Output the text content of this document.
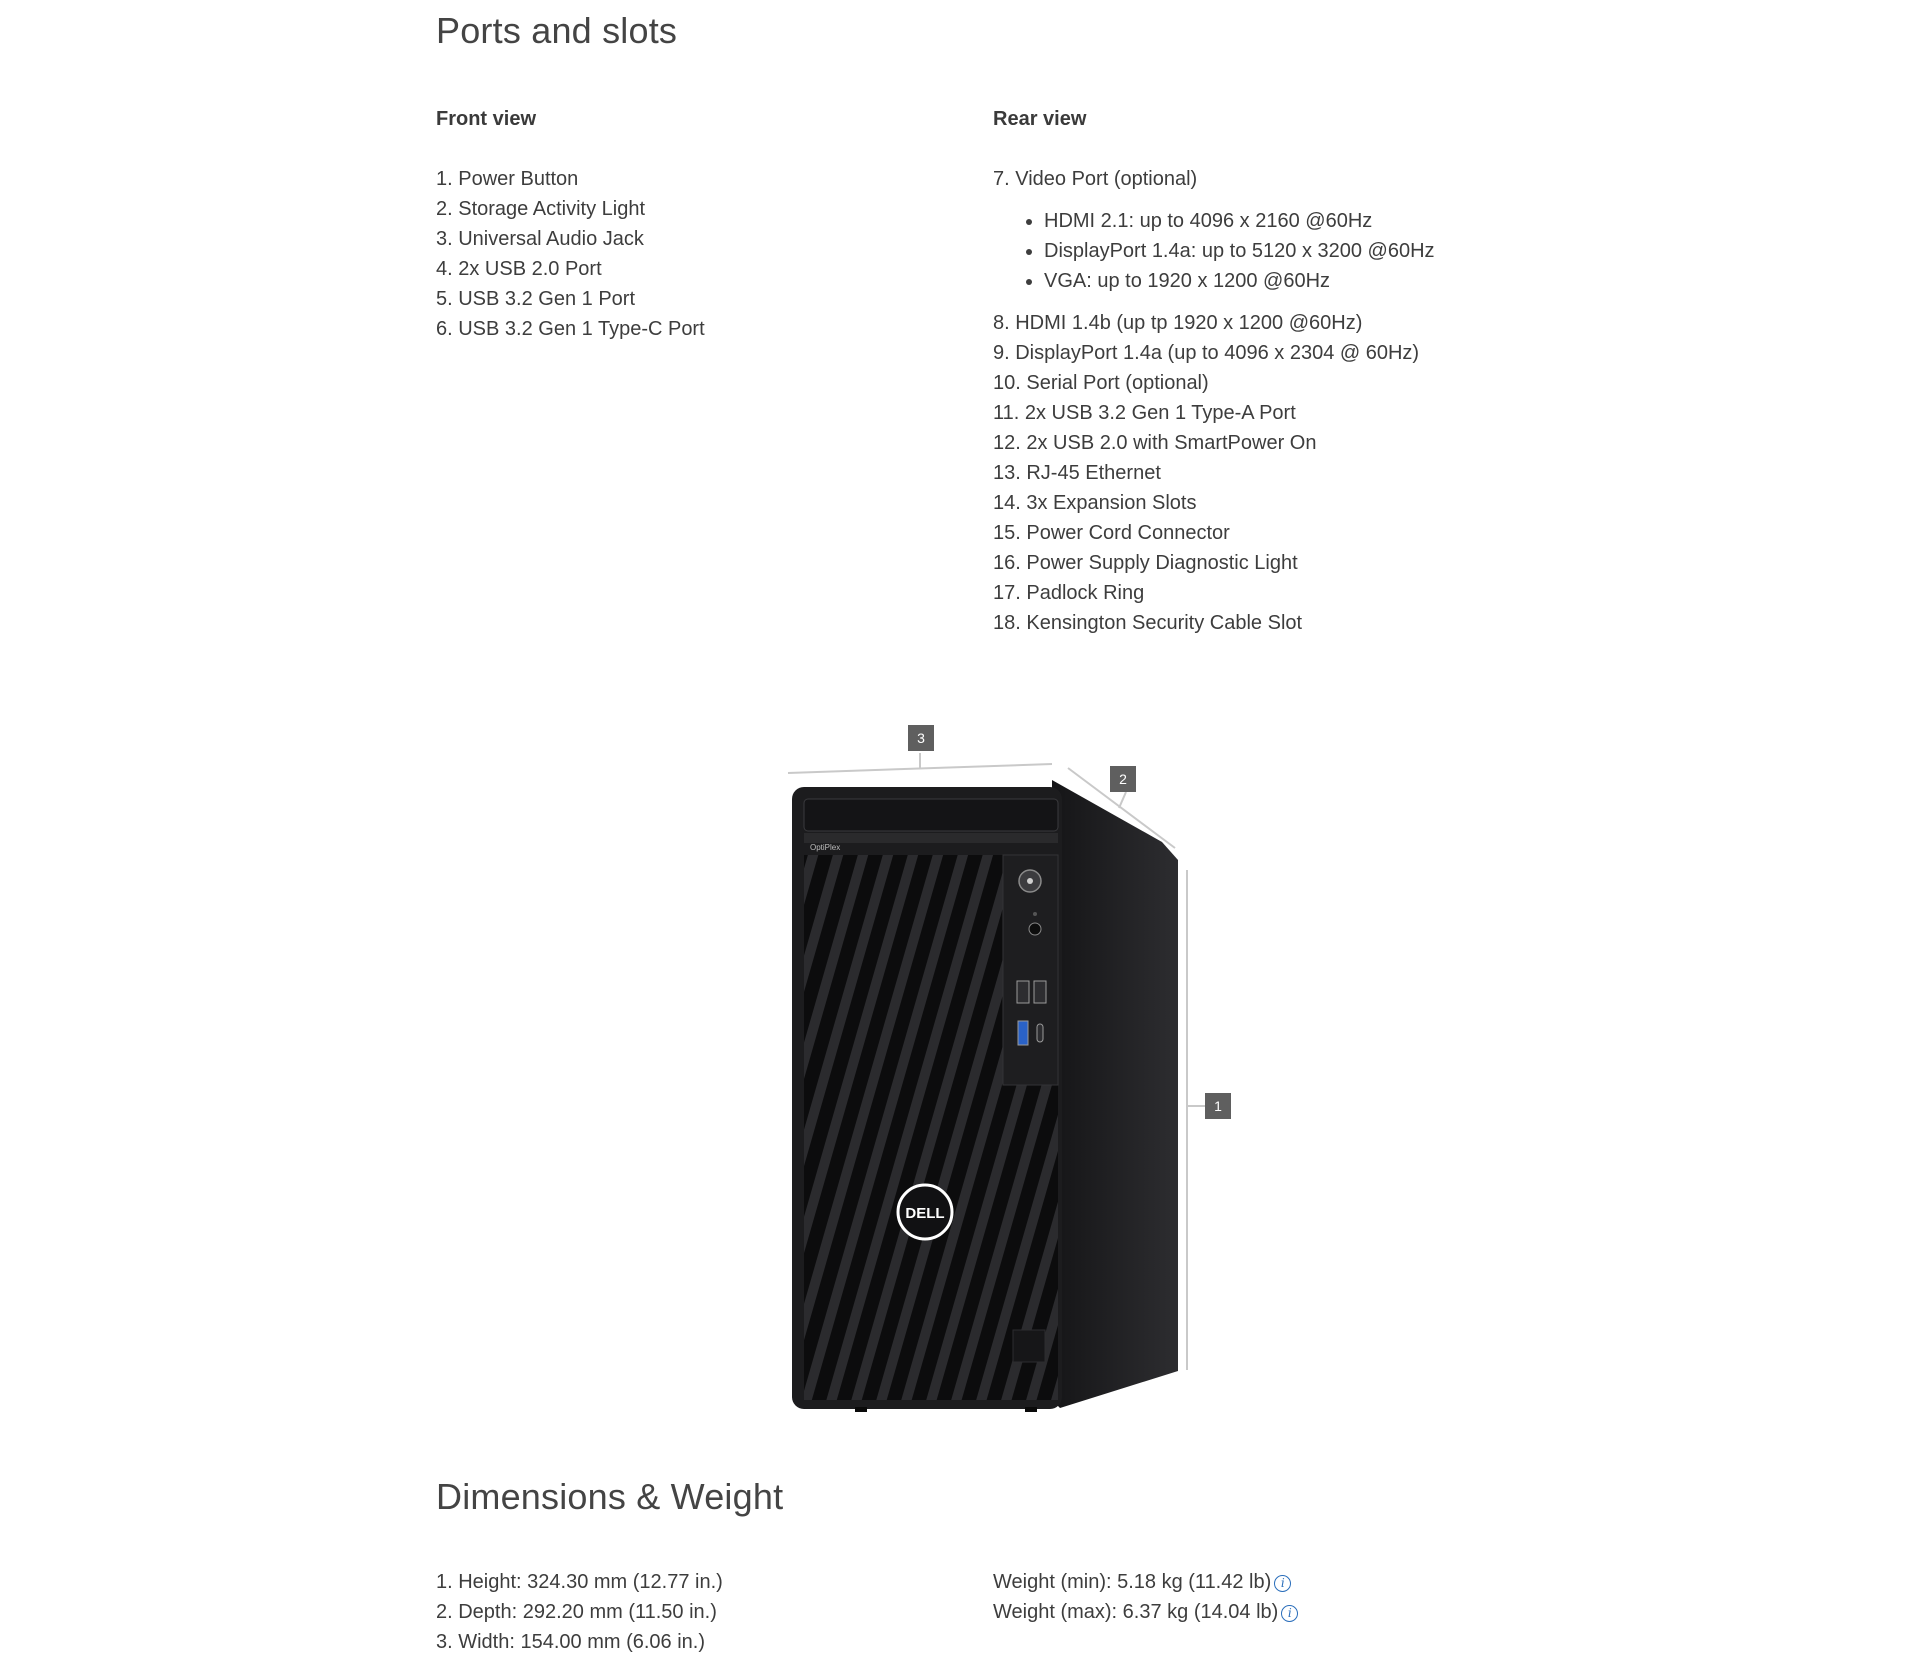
Ports and slots
Front view
1. Power Button
2. Storage Activity Light
3. Universal Audio Jack
4. 2x USB 2.0 Port
5. USB 3.2 Gen 1 Port
6. USB 3.2 Gen 1 Type-C Port
Rear view
7. Video Port (optional)
• HDMI 2.1: up to 4096 x 2160 @60Hz
• DisplayPort 1.4a: up to 5120 x 3200 @60Hz
• VGA: up to 1920 x 1200 @60Hz
8. HDMI 1.4b (up tp 1920 x 1200 @60Hz)
9. DisplayPort 1.4a (up to 4096 x 2304 @ 60Hz)
10. Serial Port (optional)
11. 2x USB 3.2 Gen 1 Type-A Port
12. 2x USB 2.0 with SmartPower On
13. RJ-45 Ethernet
14. 3x Expansion Slots
15. Power Cord Connector
16. Power Supply Diagnostic Light
17. Padlock Ring
18. Kensington Security Cable Slot
3
2
1
OptiPlex
DELL
Dimensions & Weight
1. Height: 324.30 mm (12.77 in.)
2. Depth: 292.20 mm (11.50 in.)
3. Width: 154.00 mm (6.06 in.)
Weight (min): 5.18 kg (11.42 lb) i
Weight (max): 6.37 kg (14.04 lb) i
